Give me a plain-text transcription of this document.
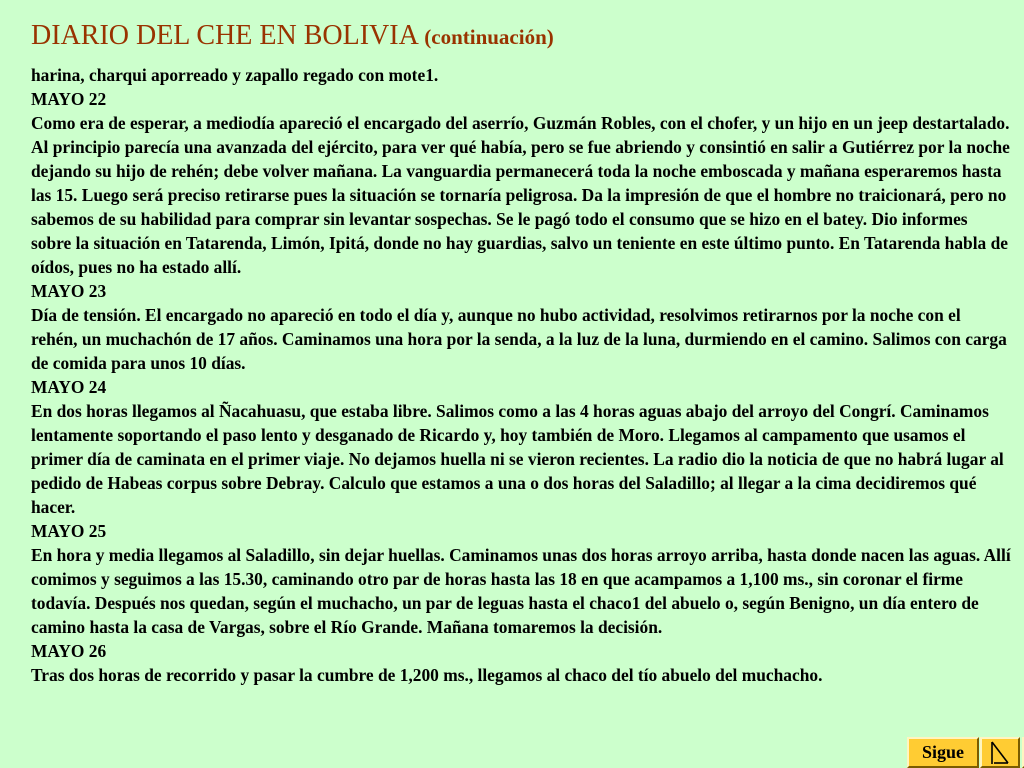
DIARIO DEL CHE EN BOLIVIA (continuación)

harina, charqui aporreado y zapallo regado con mote1.

MAYO 22

Como era de esperar, a mediodía apareció el encargado del aserrío, Guzmán Robles, con el chofer, y un hijo en un jeep destartalado. Al principio parecía una avanzada del ejército, para ver qué había, pero se fue abriendo y consintió en salir a Gutiérrez por la noche dejando su hijo de rehén; debe volver mañana. La vanguardia permanecerá toda la noche emboscada y mañana esperaremos hasta las 15. Luego será preciso retirarse pues la situación se tornaría peligrosa. Da la impresión de que el hombre no traicionará, pero no sabemos de su habilidad para comprar sin levantar sospechas. Se le pagó todo el consumo que se hizo en el batey. Dio informes sobre la situación en Tatarenda, Limón, Ipitá, donde no hay guardias, salvo un teniente en este último punto. En Tatarenda habla de oídos, pues no ha estado allí.

MAYO 23

Día de tensión. El encargado no apareció en todo el día y, aunque no hubo actividad, resolvimos retirarnos por la noche con el rehén, un muchachón de 17 años. Caminamos una hora por la senda, a la luz de la luna, durmiendo en el camino. Salimos con carga de comida para unos 10 días.

MAYO 24

En dos horas llegamos al Ñacahuasu, que estaba libre. Salimos como a las 4 horas aguas abajo del arroyo del Congrí. Caminamos lentamente soportando el paso lento y desganado de Ricardo y, hoy también de Moro. Llegamos al campamento que usamos el primer día de caminata en el primer viaje. No dejamos huella ni se vieron recientes. La radio dio la noticia de que no habrá lugar al pedido de Habeas corpus sobre Debray. Calculo que estamos a una o dos horas del Saladillo; al llegar a la cima decidiremos qué hacer.

MAYO 25

En hora y media llegamos al Saladillo, sin dejar huellas. Caminamos unas dos horas arroyo arriba, hasta donde nacen las aguas. Allí comimos y seguimos a las 15.30, caminando otro par de horas hasta las 18 en que acampamos a 1,100 ms., sin coronar el firme todavía. Después nos quedan, según el muchacho, un par de leguas hasta el chaco1 del abuelo o, según Benigno, un día entero de camino hasta la casa de Vargas, sobre el Río Grande. Mañana tomaremos la decisión.

MAYO 26

Tras dos horas de recorrido y pasar la cumbre de 1,200 ms., llegamos al chaco del tío abuelo del muchacho.

Sigue
